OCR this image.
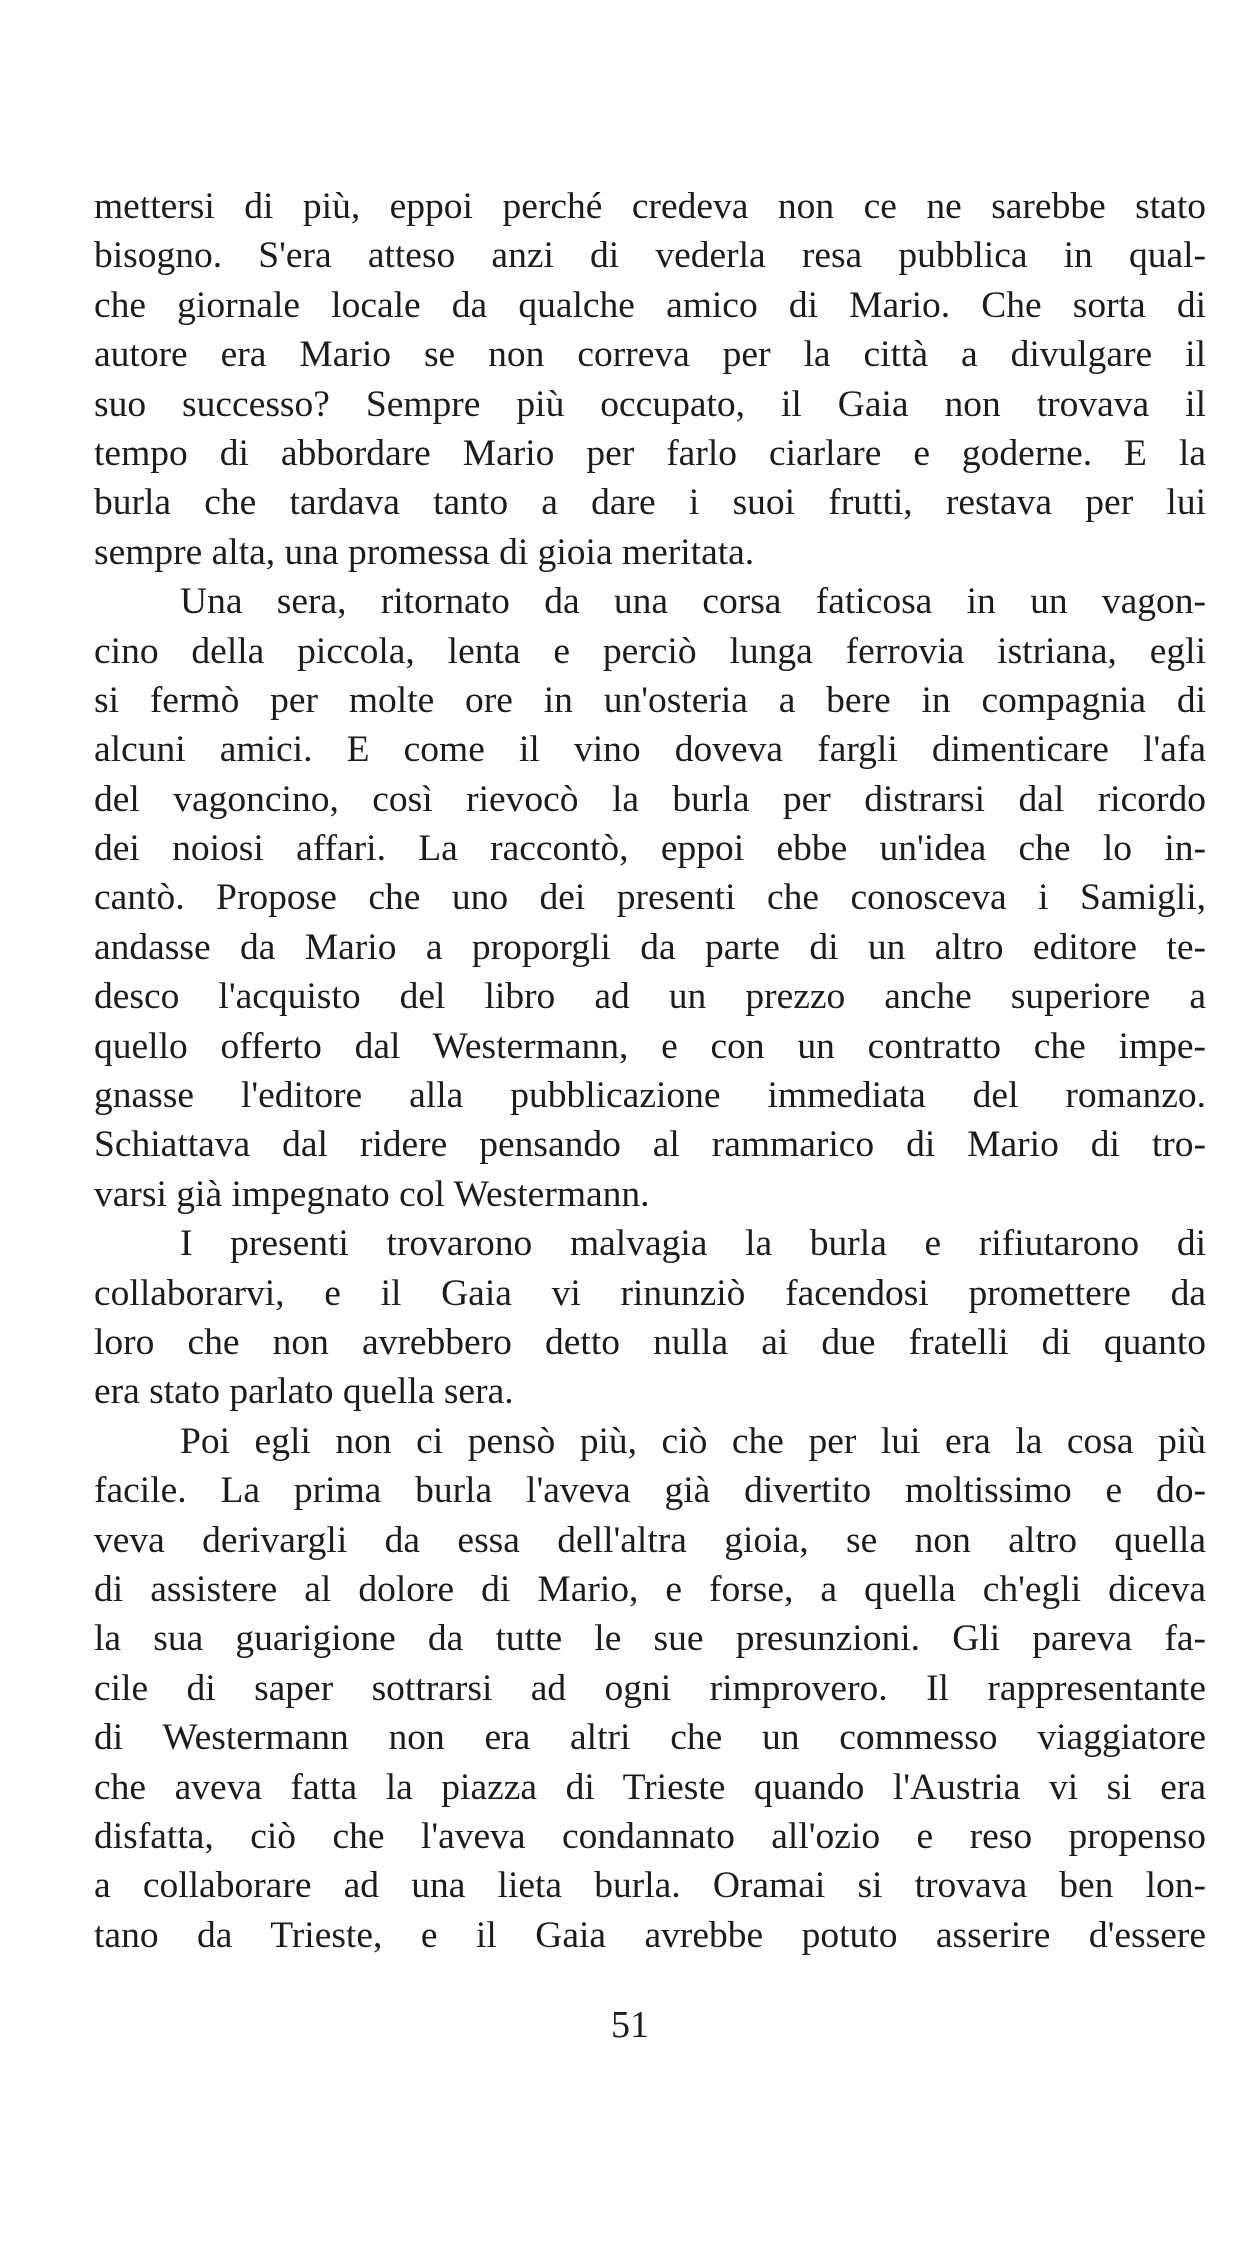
mettersi di più, eppoi perché credeva non ce ne sarebbe stato
bisogno. S'era atteso anzi di vederla resa pubblica in qual-
che giornale locale da qualche amico di Mario. Che sorta di
autore era Mario se non correva per la città a divulgare il
suo successo? Sempre più occupato, il Gaia non trovava il
tempo di abbordare Mario per farlo ciarlare e goderne. E la
burla che tardava tanto a dare i suoi frutti, restava per lui
sempre alta, una promessa di gioia meritata.
Una sera, ritornato da una corsa faticosa in un vagon-
cino della piccola, lenta e perciò lunga ferrovia istriana, egli
si fermò per molte ore in un'osteria a bere in compagnia di
alcuni amici. E come il vino doveva fargli dimenticare l'afa
del vagoncino, così rievocò la burla per distrarsi dal ricordo
dei noiosi affari. La raccontò, eppoi ebbe un'idea che lo in-
cantò. Propose che uno dei presenti che conosceva i Samigli,
andasse da Mario a proporgli da parte di un altro editore te-
desco l'acquisto del libro ad un prezzo anche superiore a
quello offerto dal Westermann, e con un contratto che impe-
gnasse l'editore alla pubblicazione immediata del romanzo.
Schiattava dal ridere pensando al rammarico di Mario di tro-
varsi già impegnato col Westermann.
I presenti trovarono malvagia la burla e rifiutarono di
collaborarvi, e il Gaia vi rinunziò facendosi promettere da
loro che non avrebbero detto nulla ai due fratelli di quanto
era stato parlato quella sera.
Poi egli non ci pensò più, ciò che per lui era la cosa più
facile. La prima burla l'aveva già divertito moltissimo e do-
veva derivargli da essa dell'altra gioia, se non altro quella
di assistere al dolore di Mario, e forse, a quella ch'egli diceva
la sua guarigione da tutte le sue presunzioni. Gli pareva fa-
cile di saper sottrarsi ad ogni rimprovero. Il rappresentante
di Westermann non era altri che un commesso viaggiatore
che aveva fatta la piazza di Trieste quando l'Austria vi si era
disfatta, ciò che l'aveva condannato all'ozio e reso propenso
a collaborare ad una lieta burla. Oramai si trovava ben lon-
tano da Trieste, e il Gaia avrebbe potuto asserire d'essere
51
